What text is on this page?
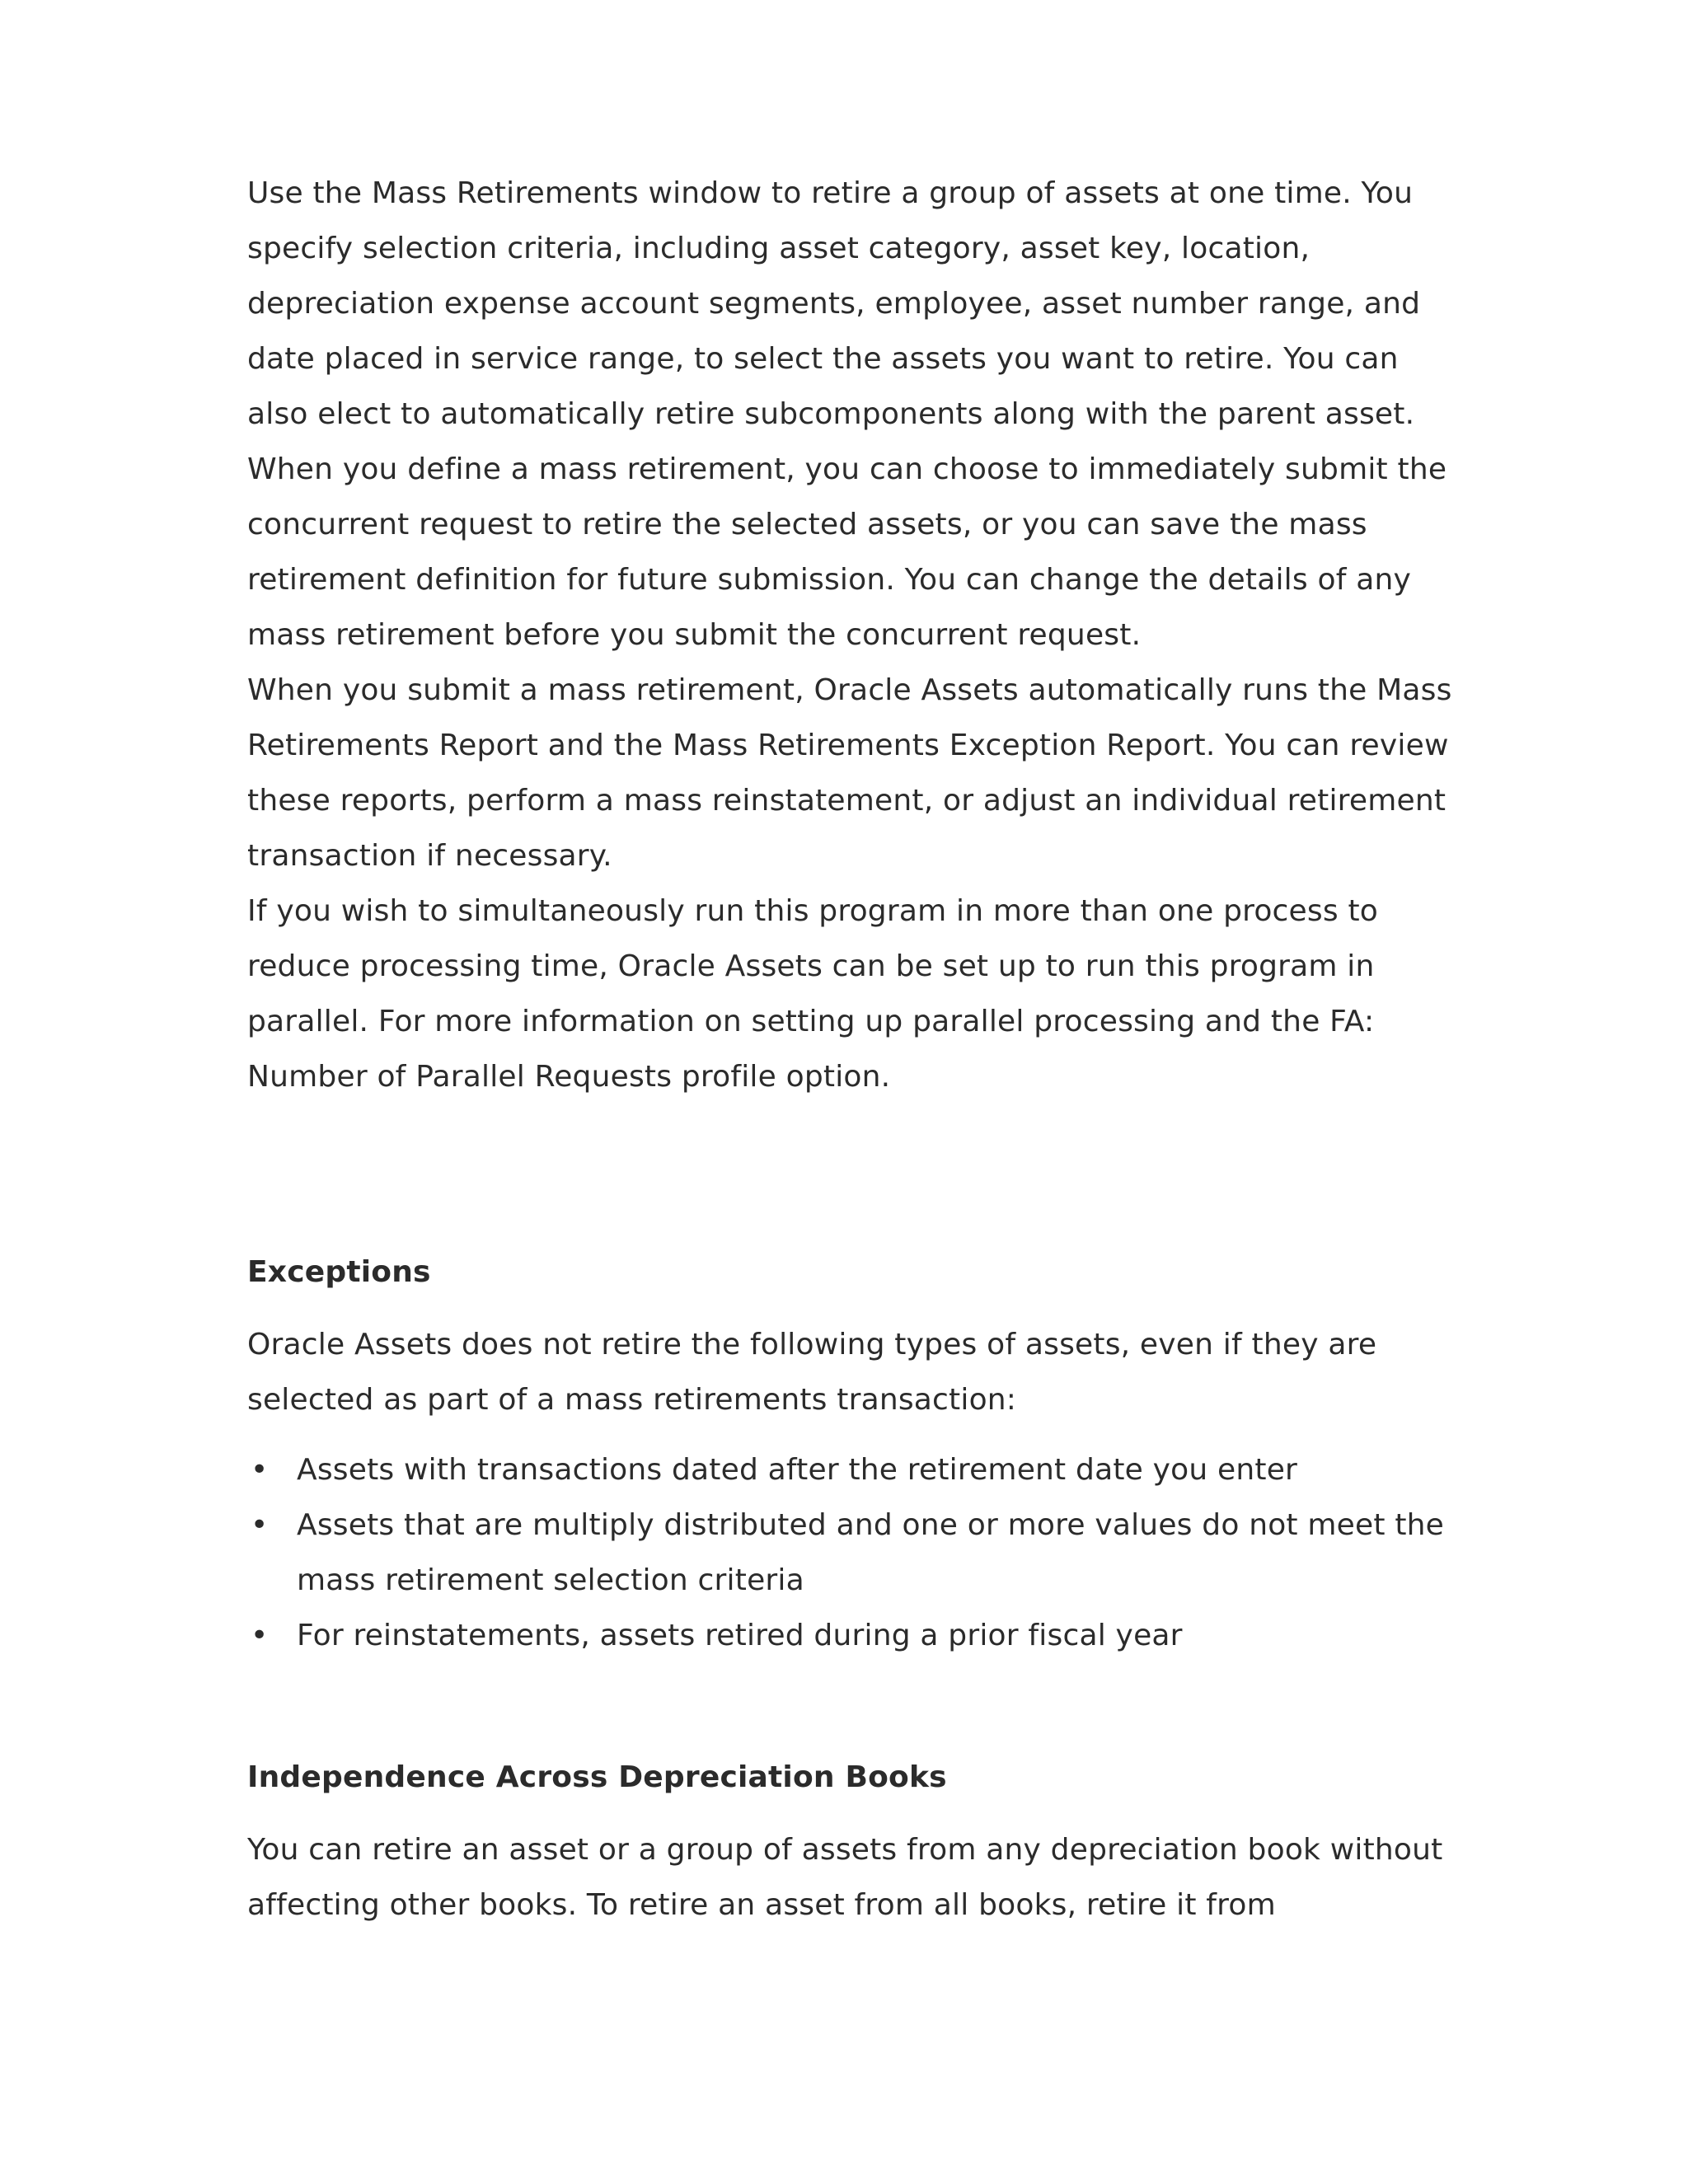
Use the Mass Retirements window to retire a group of assets at one time. You specify selection criteria, including asset category, asset key, location, depreciation expense account segments, employee, asset number range, and date placed in service range, to select the assets you want to retire. You can also elect to automatically retire subcomponents along with the parent asset.

When you define a mass retirement, you can choose to immediately submit the concurrent request to retire the selected assets, or you can save the mass retirement definition for future submission. You can change the details of any mass retirement before you submit the concurrent request.

When you submit a mass retirement, Oracle Assets automatically runs the Mass Retirements Report and the Mass Retirements Exception Report. You can review these reports, perform a mass reinstatement, or adjust an individual retirement transaction if necessary.

If you wish to simultaneously run this program in more than one process to reduce processing time, Oracle Assets can be set up to run this program in parallel. For more information on setting up parallel processing and the FA: Number of Parallel Requests profile option.

Exceptions

Oracle Assets does not retire the following types of assets, even if they are selected as part of a mass retirements transaction:

• Assets with transactions dated after the retirement date you enter
• Assets that are multiply distributed and one or more values do not meet the mass retirement selection criteria
• For reinstatements, assets retired during a prior fiscal year
Independence Across Depreciation Books

You can retire an asset or a group of assets from any depreciation book without affecting other books. To retire an asset from all books, retire it from
